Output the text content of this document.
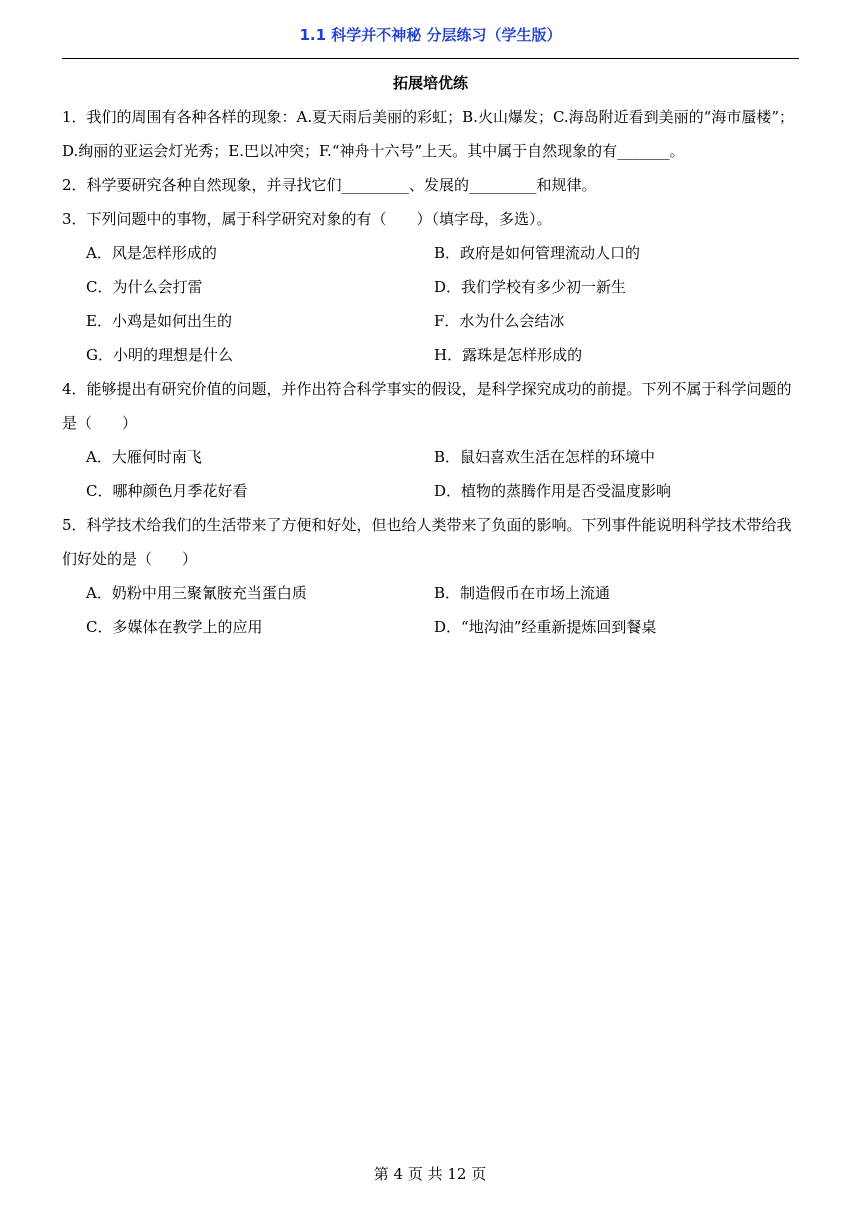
1.1 科学并不神秘 分层练习（学生版）
拓展培优练

1．我们的周围有各种各样的现象：A.夏天雨后美丽的彩虹；B.火山爆发；C.海岛附近看到美丽的“海市蜃楼”；D.绚丽的亚运会灯光秀；E.巴以冲突；F.“神舟十六号”上天。其中属于自然现象的有_______。

2．科学要研究各种自然现象，并寻找它们_________、发展的_________和规律。

3．下列问题中的事物，属于科学研究对象的有（　　）（填字母，多选）。

A．风是怎样形成的	B．政府是如何管理流动人口的
C．为什么会打雷	D．我们学校有多少初一新生
E．小鸡是如何出生的	F．水为什么会结冰
G．小明的理想是什么	H．露珠是怎样形成的

4．能够提出有研究价值的问题，并作出符合科学事实的假设，是科学探究成功的前提。下列不属于科学问题的是（　　）

A．大雁何时南飞	B．鼠妇喜欢生活在怎样的环境中
C．哪种颜色月季花好看	D．植物的蒸腾作用是否受温度影响

5．科学技术给我们的生活带来了方便和好处，但也给人类带来了负面的影响。下列事件能说明科学技术带给我们好处的是（　　）

A．奶粉中用三聚氰胺充当蛋白质	B．制造假币在市场上流通
C．多媒体在教学上的应用	D．“地沟油”经重新提炼回到餐桌
第 4 页 共 12 页
